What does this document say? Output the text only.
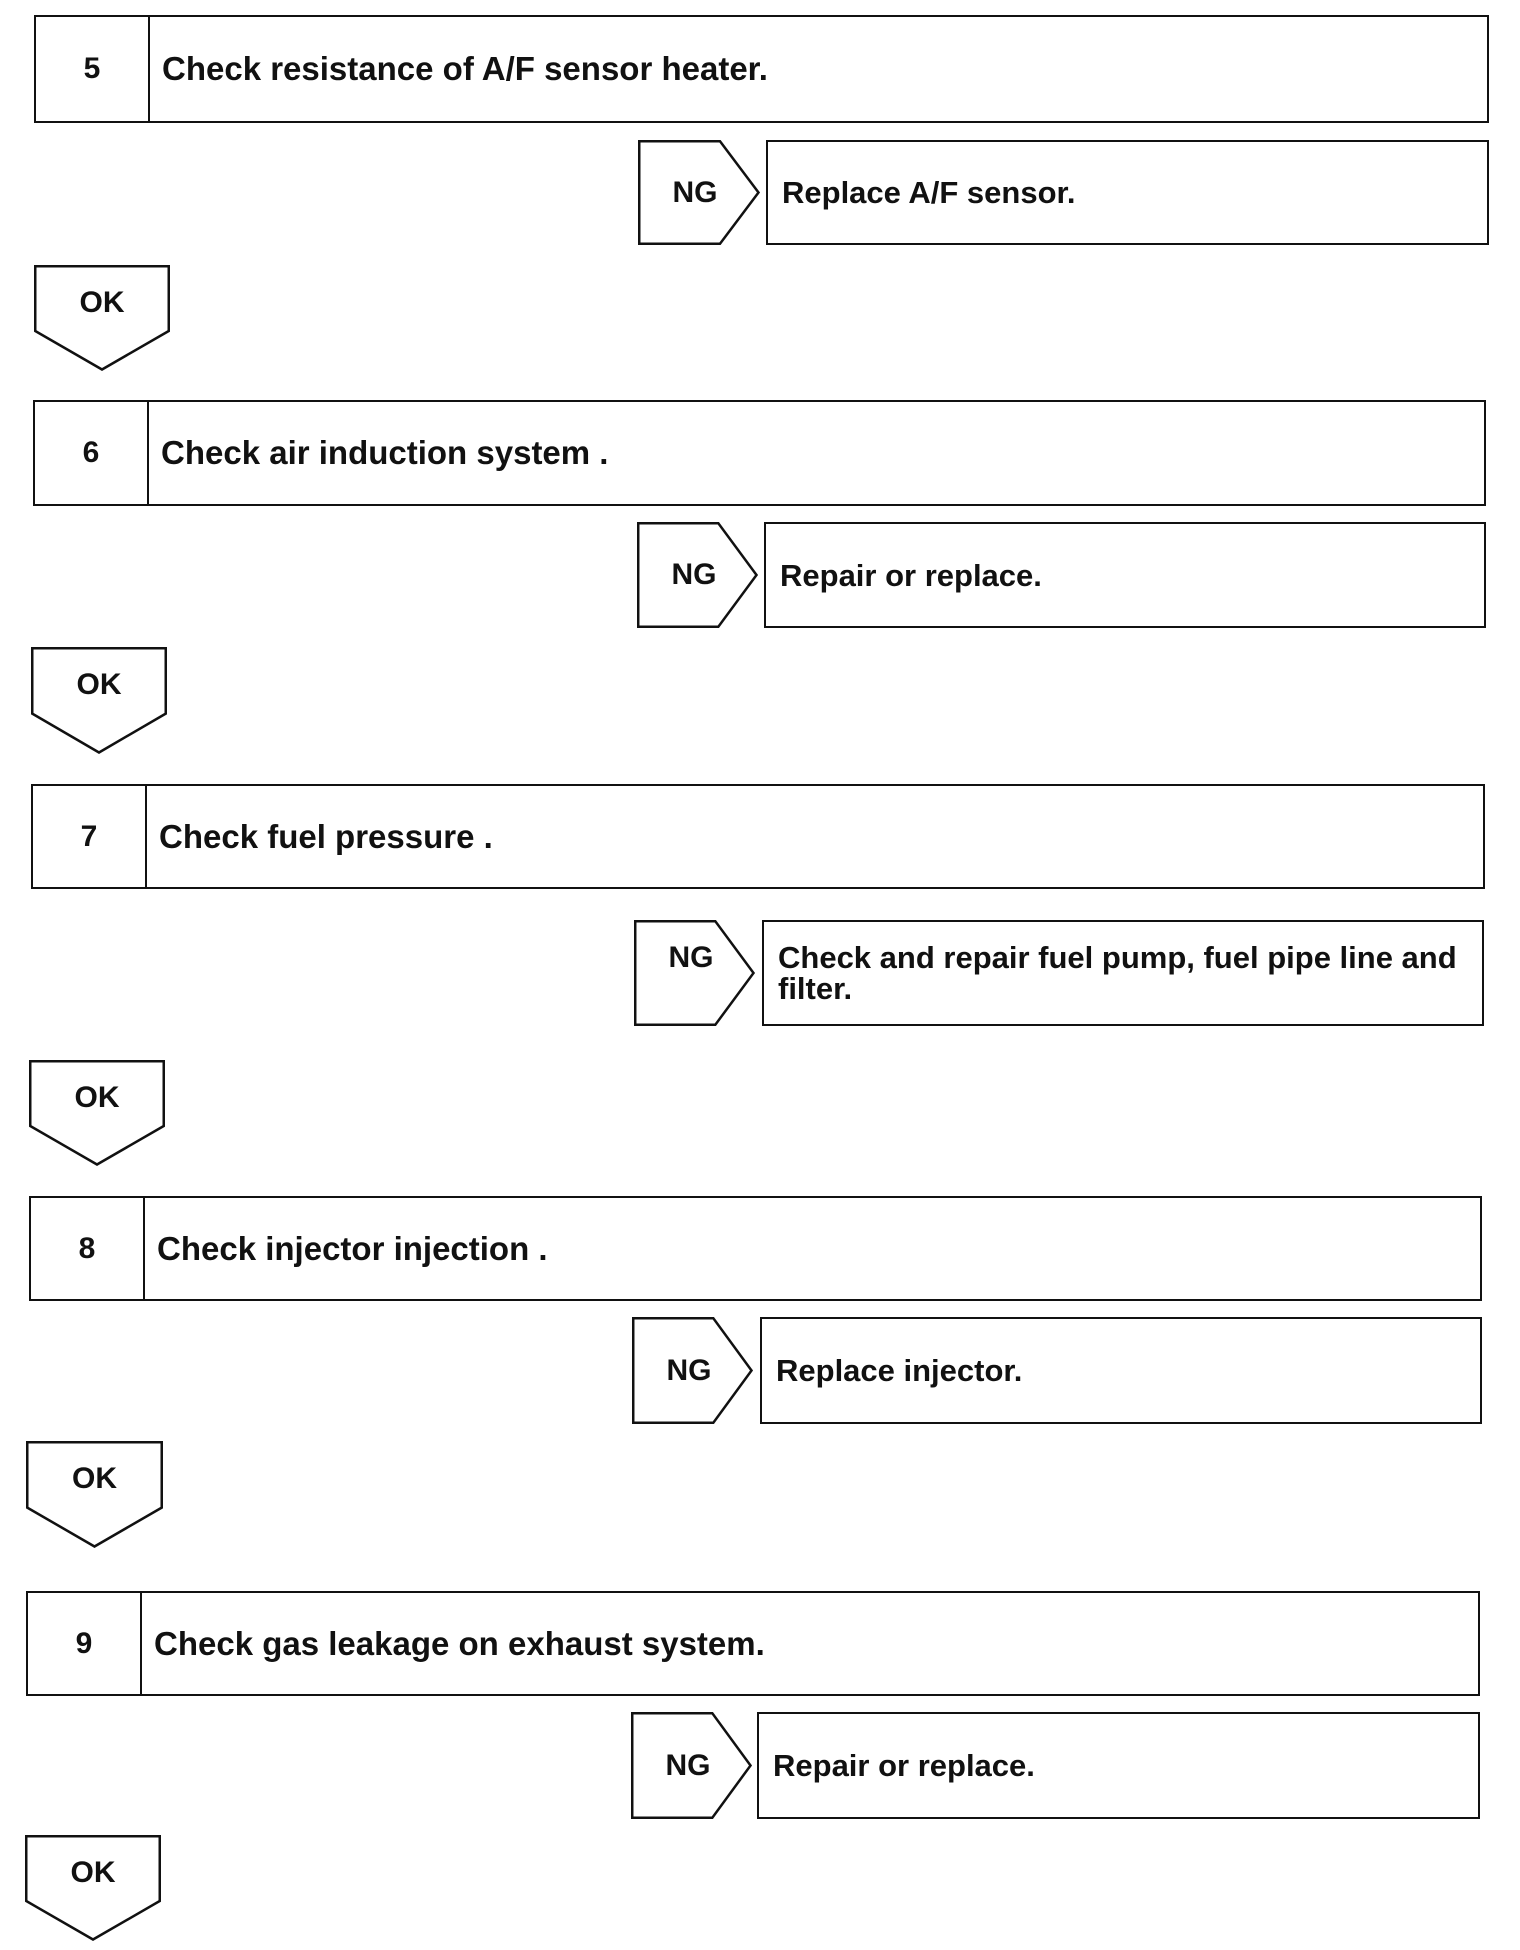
5	Check resistance of A/F sensor heater.
NG	Replace A/F sensor.
OK
6	Check air induction system .
NG	Repair or replace.
OK
7	Check fuel pressure .
NG	Check and repair fuel pump, fuel pipe line and filter.
OK
8	Check injector injection .
NG	Replace injector.
OK
9	Check gas leakage on exhaust system.
NG	Repair or replace.
OK
